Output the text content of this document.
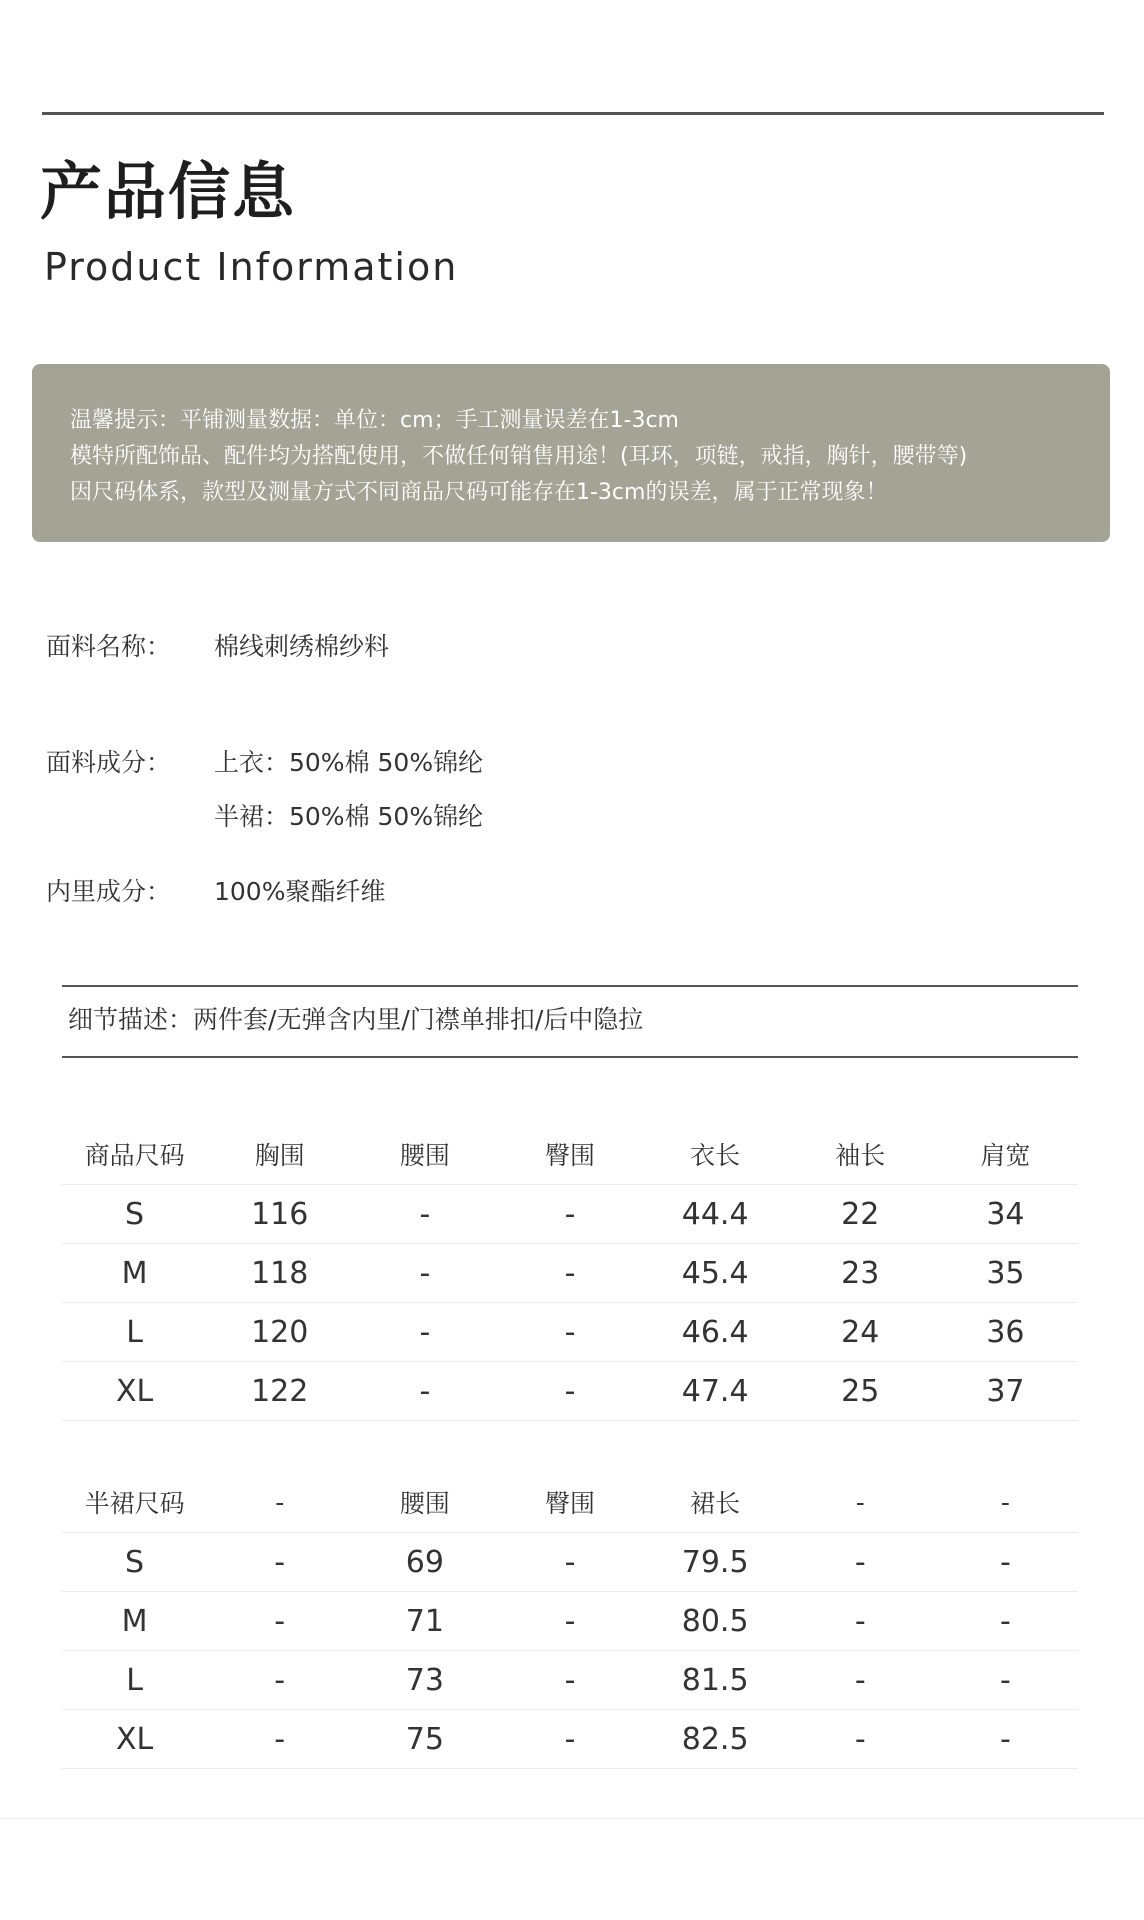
产品信息
Product Information
温馨提示：平铺测量数据：单位：cm；手工测量误差在1-3cm
模特所配饰品、配件均为搭配使用，不做任何销售用途！(耳环，项链，戒指，胸针，腰带等)
因尺码体系，款型及测量方式不同商品尺码可能存在1-3cm的误差，属于正常现象！
面料名称： 棉线刺绣棉纱料
面料成分： 上衣：50%棉 50%锦纶
半裙：50%棉 50%锦纶
内里成分： 100%聚酯纤维
细节描述：两件套/无弹含内里/门襟单排扣/后中隐拉
商品尺码	胸围	腰围	臀围	衣长	袖长	肩宽
S	116	-	-	44.4	22	34
M	118	-	-	45.4	23	35
L	120	-	-	46.4	24	36
XL	122	-	-	47.4	25	37
半裙尺码	-	腰围	臀围	裙长	-	-
S	-	69	-	79.5	-	-
M	-	71	-	80.5	-	-
L	-	73	-	81.5	-	-
XL	-	75	-	82.5	-	-
